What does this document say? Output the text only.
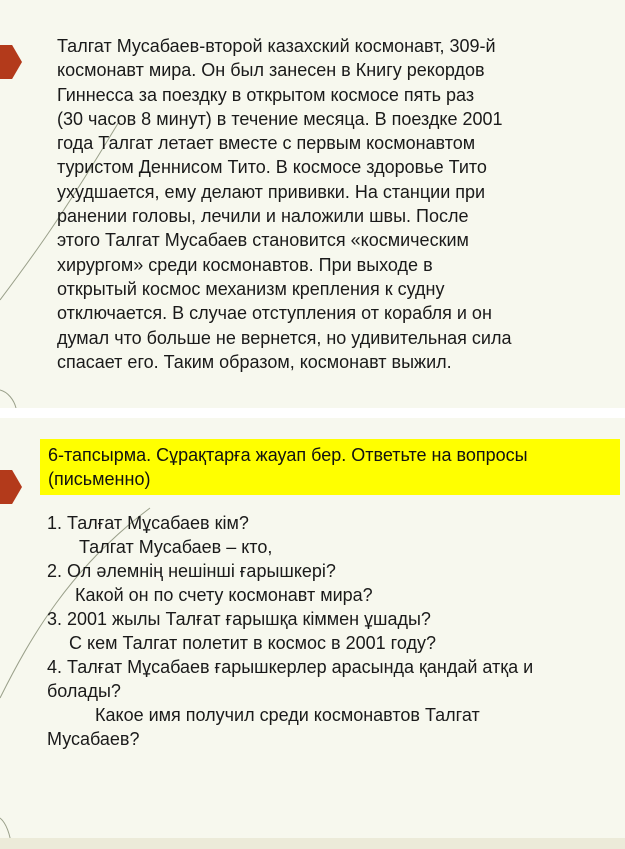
Талгат Мусабаев-второй казахский космонавт, 309-й
космонавт мира. Он был занесен в Книгу рекордов
Гиннесса за поездку в открытом космосе пять раз
(30 часов 8 минут) в течение месяца. В поездке 2001
года Талгат летает вместе с первым космонавтом
туристом Деннисом Тито. В космосе здоровье Тито
ухудшается, ему делают прививки. На станции при
ранении головы, лечили и наложили швы. После
этого Талгат Мусабаев становится «космическим
хирургом» среди космонавтов. При выходе в
открытый космос механизм крепления к судну
отключается. В случае отступления от корабля и он
думал что больше не вернется, но удивительная сила
спасает его. Таким образом, космонавт выжил.
6-тапсырма. Сұрақтарға жауап бер. Ответьте на вопросы
(письменно)
1. Талғат Мұсабаев кім?
Талгат Мусабаев – кто,
2. Ол әлемнің нешінші ғарышкері?
Какой он по счету космонавт мира?
3. 2001 жылы Талғат ғарышқа кіммен ұшады?
С кем Талгат полетит в космос в 2001 году?
4. Талғат Мұсабаев ғарышкерлер арасында қандай атқа и
болады?
Какое имя получил среди космонавтов Талгат
Мусабаев?
